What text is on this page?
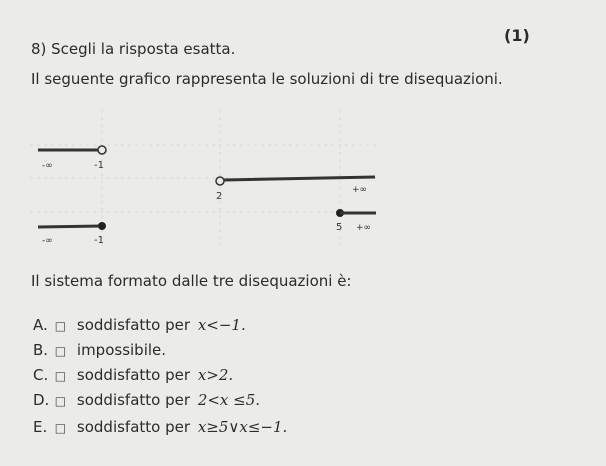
(1)
8) Scegli la risposta esatta.
Il seguente grafico rappresenta le soluzioni di tre disequazioni.
-∞	-1
2
+∞
5 +∞
-∞	-1
Il sistema formato dalle tre disequazioni è:
A. □ soddisfatto per x<−1.
B. □ impossibile.
C. □ soddisfatto per x>2.
D. □ soddisfatto per 2<x ≤5.
E. □ soddisfatto per x≥5∨x≤−1.
